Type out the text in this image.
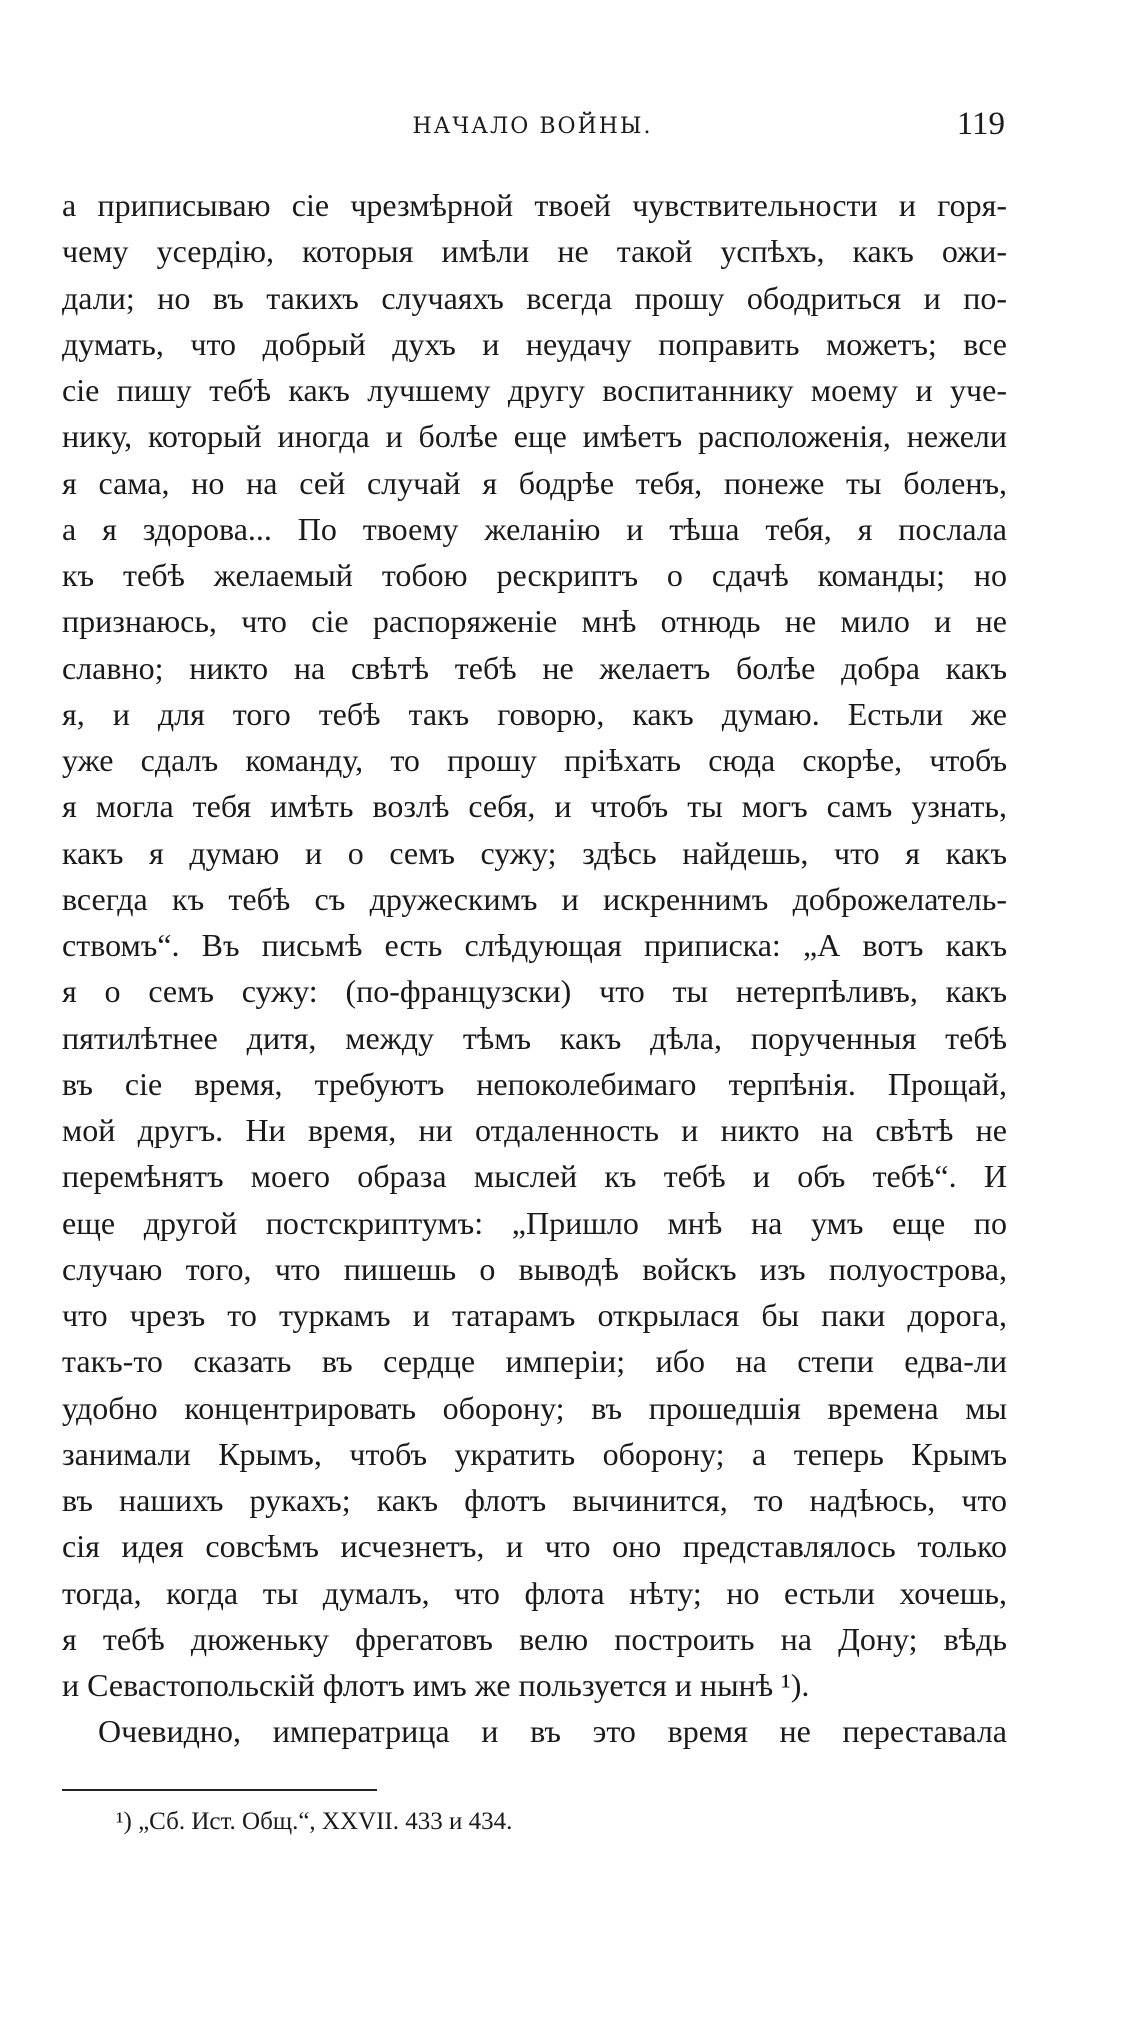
НАЧАЛО ВОЙНЫ.	119
а приписываю сіе чрезмѣрной твоей чувствительности и горя-
чему усердію, которыя имѣли не такой успѣхъ, какъ ожи-
дали; но въ такихъ случаяхъ всегда прошу ободриться и по-
думать, что добрый духъ и неудачу поправить можетъ; все
сіе пишу тебѣ какъ лучшему другу воспитаннику моему и уче-
нику, который иногда и болѣе еще имѣетъ расположенія, нежели
я сама, но на сей случай я бодрѣе тебя, понеже ты боленъ,
а я здорова... По твоему желанію и тѣша тебя, я послала
къ тебѣ желаемый тобою рескриптъ о сдачѣ команды; но
признаюсь, что сіе распоряженіе мнѣ отнюдь не мило и не
славно; никто на свѣтѣ тебѣ не желаетъ болѣе добра какъ
я, и для того тебѣ такъ говорю, какъ думаю. Естьли же
уже сдалъ команду, то прошу пріѣхать сюда скорѣе, чтобъ
я могла тебя имѣть возлѣ себя, и чтобъ ты могъ самъ узнать,
какъ я думаю и о семъ сужу; здѣсь найдешь, что я какъ
всегда къ тебѣ съ дружескимъ и искреннимъ доброжелатель-
ствомъ“. Въ письмѣ есть слѣдующая приписка: „А вотъ какъ
я о семъ сужу: (по-французски) что ты нетерпѣливъ, какъ
пятилѣтнее дитя, между тѣмъ какъ дѣла, порученныя тебѣ
въ сіе время, требуютъ непоколебимаго терпѣнія. Прощай,
мой другъ. Ни время, ни отдаленность и никто на свѣтѣ не
перемѣнятъ моего образа мыслей къ тебѣ и объ тебѣ“. И
еще другой постскриптумъ: „Пришло мнѣ на умъ еще по
случаю того, что пишешь о выводѣ войскъ изъ полуострова,
что чрезъ то туркамъ и татарамъ открылася бы паки дорога,
такъ-то сказать въ сердце имперіи; ибо на степи едва-ли
удобно концентрировать оборону; въ прошедшія времена мы
занимали Крымъ, чтобъ укратить оборону; а теперь Крымъ
въ нашихъ рукахъ; какъ флотъ вычинится, то надѣюсь, что
сія идея совсѣмъ исчезнетъ, и что оно представлялось только
тогда, когда ты думалъ, что флота нѣту; но естьли хочешь,
я тебѣ дюженьку фрегатовъ велю построить на Дону; вѣдь
и Севастопольскій флотъ имъ же пользуется и нынѣ ¹).
Очевидно, императрица и въ это время не переставала
¹) „Сб. Ист. Общ.“, XXVII. 433 и 434.
